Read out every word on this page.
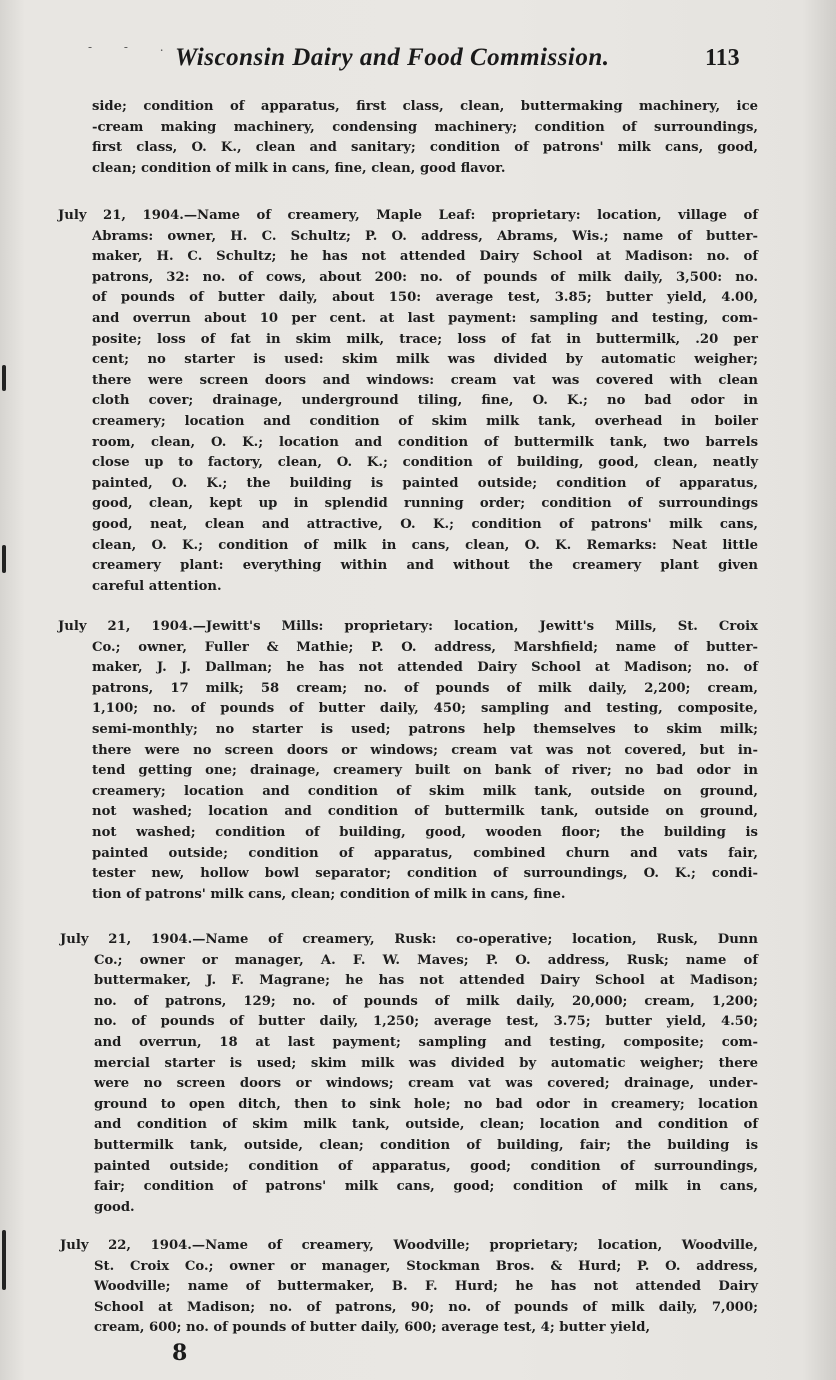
- - .
Wisconsin Dairy and Food Commission.	113
side; condition of apparatus, first class, clean, buttermaking machinery, ice
-cream making machinery, condensing machinery; condition of surroundings,
first class, O. K., clean and sanitary; condition of patrons' milk cans, good,
clean; condition of milk in cans, fine, clean, good flavor.
July 21, 1904.—Name of creamery, Maple Leaf: proprietary: location, village of
Abrams: owner, H. C. Schultz; P. O. address, Abrams, Wis.; name of butter-
maker, H. C. Schultz; he has not attended Dairy School at Madison: no. of
patrons, 32: no. of cows, about 200: no. of pounds of milk daily, 3,500: no.
of pounds of butter daily, about 150: average test, 3.85; butter yield, 4.00,
and overrun about 10 per cent. at last payment: sampling and testing, com-
posite; loss of fat in skim milk, trace; loss of fat in buttermilk, .20 per
cent; no starter is used: skim milk was divided by automatic weigher;
there were screen doors and windows: cream vat was covered with clean
cloth cover; drainage, underground tiling, fine, O. K.; no bad odor in
creamery; location and condition of skim milk tank, overhead in boiler
room, clean, O. K.; location and condition of buttermilk tank, two barrels
close up to factory, clean, O. K.; condition of building, good, clean, neatly
painted, O. K.; the building is painted outside; condition of apparatus,
good, clean, kept up in splendid running order; condition of surroundings
good, neat, clean and attractive, O. K.; condition of patrons' milk cans,
clean, O. K.; condition of milk in cans, clean, O. K. Remarks: Neat little
creamery plant: everything within and without the creamery plant given
careful attention.
July 21, 1904.—Jewitt's Mills: proprietary: location, Jewitt's Mills, St. Croix
Co.; owner, Fuller & Mathie; P. O. address, Marshfield; name of butter-
maker, J. J. Dallman; he has not attended Dairy School at Madison; no. of
patrons, 17 milk; 58 cream; no. of pounds of milk daily, 2,200; cream,
1,100; no. of pounds of butter daily, 450; sampling and testing, composite,
semi-monthly; no starter is used; patrons help themselves to skim milk;
there were no screen doors or windows; cream vat was not covered, but in-
tend getting one; drainage, creamery built on bank of river; no bad odor in
creamery; location and condition of skim milk tank, outside on ground,
not washed; location and condition of buttermilk tank, outside on ground,
not washed; condition of building, good, wooden floor; the building is
painted outside; condition of apparatus, combined churn and vats fair,
tester new, hollow bowl separator; condition of surroundings, O. K.; condi-
tion of patrons' milk cans, clean; condition of milk in cans, fine.
July 21, 1904.—Name of creamery, Rusk: co-operative; location, Rusk, Dunn
Co.; owner or manager, A. F. W. Maves; P. O. address, Rusk; name of
buttermaker, J. F. Magrane; he has not attended Dairy School at Madison;
no. of patrons, 129; no. of pounds of milk daily, 20,000; cream, 1,200;
no. of pounds of butter daily, 1,250; average test, 3.75; butter yield, 4.50;
and overrun, 18 at last payment; sampling and testing, composite; com-
mercial starter is used; skim milk was divided by automatic weigher; there
were no screen doors or windows; cream vat was covered; drainage, under-
ground to open ditch, then to sink hole; no bad odor in creamery; location
and condition of skim milk tank, outside, clean; location and condition of
buttermilk tank, outside, clean; condition of building, fair; the building is
painted outside; condition of apparatus, good; condition of surroundings,
fair; condition of patrons' milk cans, good; condition of milk in cans,
good.
July 22, 1904.—Name of creamery, Woodville; proprietary; location, Woodville,
St. Croix Co.; owner or manager, Stockman Bros. & Hurd; P. O. address,
Woodville; name of buttermaker, B. F. Hurd; he has not attended Dairy
School at Madison; no. of patrons, 90; no. of pounds of milk daily, 7,000;
cream, 600; no. of pounds of butter daily, 600; average test, 4; butter yield,
8
